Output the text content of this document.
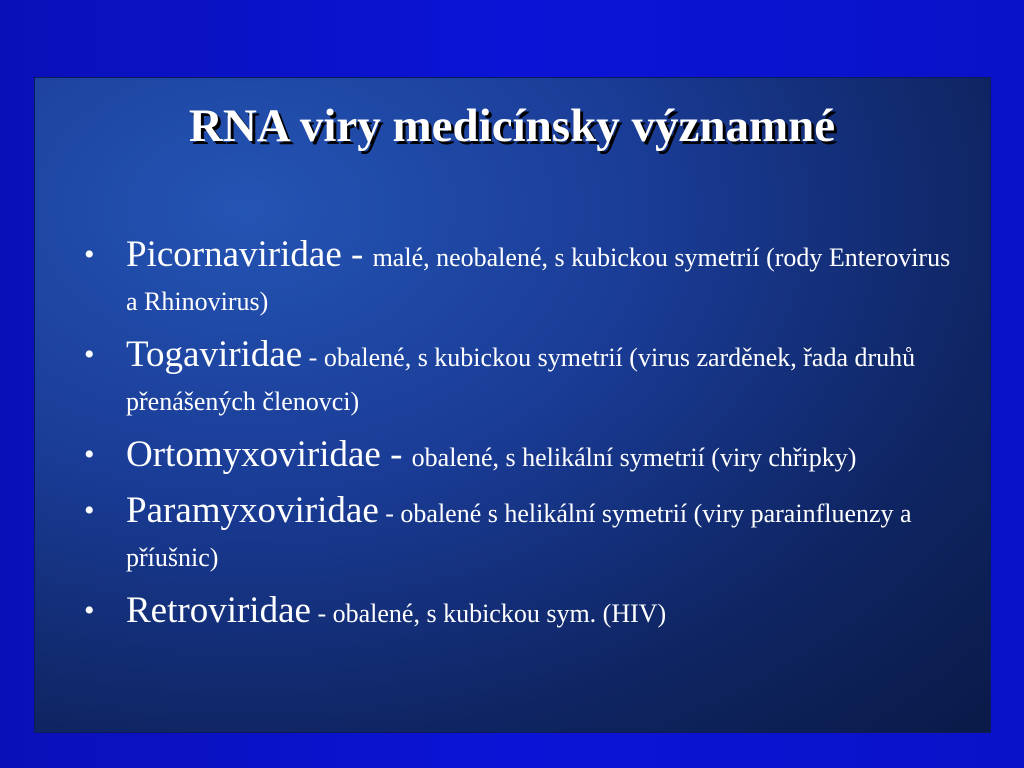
RNA viry medicínsky významné
• Picornaviridae - malé, neobalené, s kubickou symetrií (rody Enterovirus a Rhinovirus)
• Togaviridae - obalené, s kubickou symetrií (virus zarděnek, řada druhů přenášených členovci)
• Ortomyxoviridae - obalené, s helikální symetrií (viry chřipky)
• Paramyxoviridae - obalené s helikální symetrií (viry parainfluenzy a příušnic)
• Retroviridae - obalené, s kubickou sym. (HIV)
